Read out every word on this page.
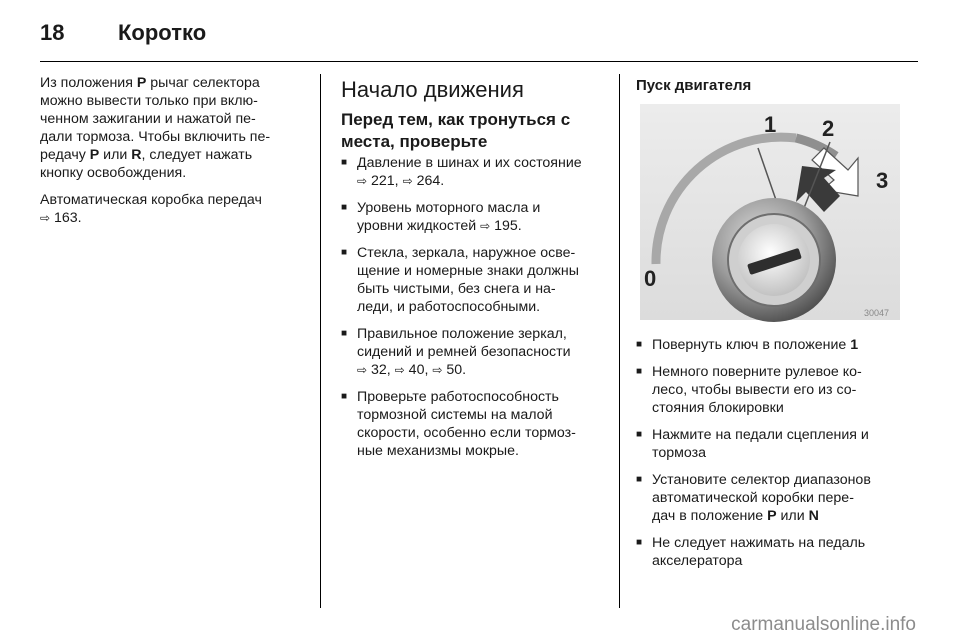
18 Коротко

Из положения P рычаг селектора
можно вывести только при вклю-
ченном зажигании и нажатой пе-
дали тормоза. Чтобы включить пе-
редачу P или R, следует нажать
кнопку освобождения.

Автоматическая коробка передач
⇨ 163.

Начало движения
Перед тем, как тронуться с
места, проверьте
■ Давление в шинах и их состояние
⇨ 221, ⇨ 264.
■ Уровень моторного масла и
уровни жидкостей ⇨ 195.
■ Стекла, зеркала, наружное осве-
щение и номерные знаки должны
быть чистыми, без снега и на-
леди, и работоспособными.
■ Правильное положение зеркал,
сидений и ремней безопасности
⇨ 32, ⇨ 40, ⇨ 50.
■ Проверьте работоспособность
тормозной системы на малой
скорости, особенно если тормоз-
ные механизмы мокрые.
Пуск двигателя
■ Повернуть ключ в положение 1
■ Немного поверните рулевое ко-
лесо, чтобы вывести его из со-
стояния блокировки
■ Нажмите на педали сцепления и
тормоза
■ Установите селектор диапазонов
автоматической коробки пере-
дач в положение P или N
■ Не следует нажимать на педаль
акселератора
1 2
3
0
30047
carmanualsonline.info
